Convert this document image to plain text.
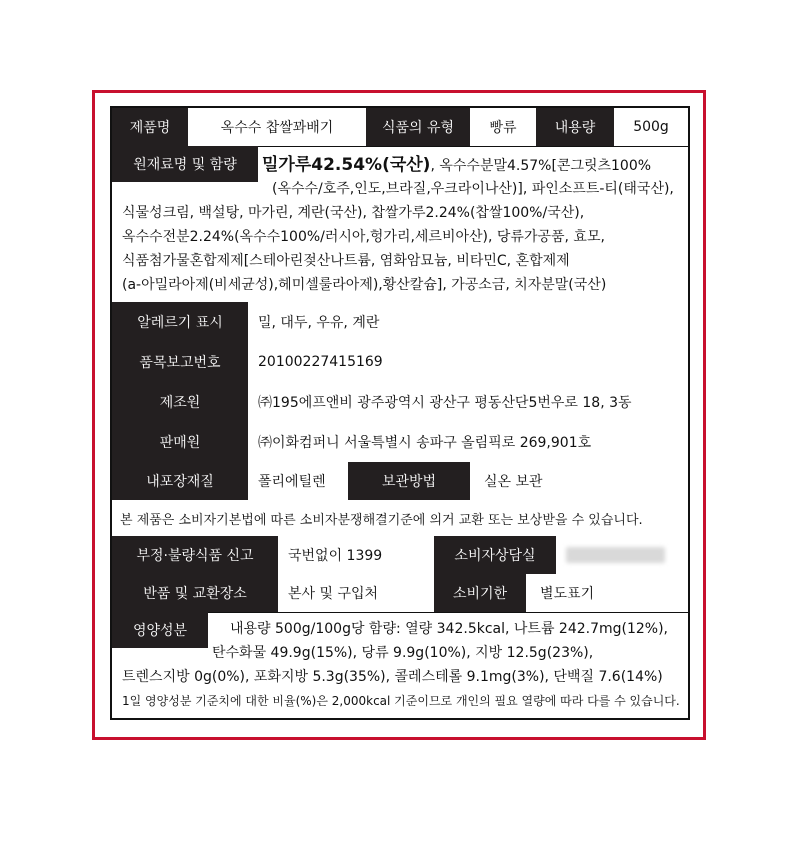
제품명	옥수수 찹쌀꽈배기	식품의 유형	빵류	내용량	500g
원재료명 및 함량	밀가루42.54%(국산), 옥수수분말4.57%[콘그릿츠100%
(옥수수/호주,인도,브라질,우크라이나산)], 파인소프트-티(태국산),
식물성크림, 백설탕, 마가린, 계란(국산), 찹쌀가루2.24%(찹쌀100%/국산),
옥수수전분2.24%(옥수수100%/러시아,헝가리,세르비아산), 당류가공품, 효모,
식품첨가물혼합제제[스테아린젖산나트륨, 염화암묘늄, 비타민C, 혼합제제
(a-아밀라아제(비세균성),헤미셀룰라아제),황산칼슘], 가공소금, 치자분말(국산)
알레르기 표시	밀, 대두, 우유, 계란
품목보고번호	20100227415169
제조원	㈜195에프앤비 광주광역시 광산구 평동산단5번우로 18, 3동
판매원	㈜이화컴퍼니 서울특별시 송파구 올림픽로 269,901호
내포장재질	폴리에틸렌	보관방법	실온 보관
본 제품은 소비자기본법에 따른 소비자분쟁해결기준에 의거 교환 또는 보상받을 수 있습니다.
부정·불량식품 신고	국번없이 1399	소비자상담실
반품 및 교환장소	본사 및 구입처	소비기한	별도표기
영양성분	내용량 500g/100g당 함량: 열량 342.5kcal, 나트륨 242.7mg(12%),
탄수화물 49.9g(15%), 당류 9.9g(10%), 지방 12.5g(23%),
트렌스지방 0g(0%), 포화지방 5.3g(35%), 콜레스테롤 9.1mg(3%), 단백질 7.6(14%)
1일 영양성분 기준치에 대한 비율(%)은 2,000kcal 기준이므로 개인의 필요 열량에 따라 다를 수 있습니다.
